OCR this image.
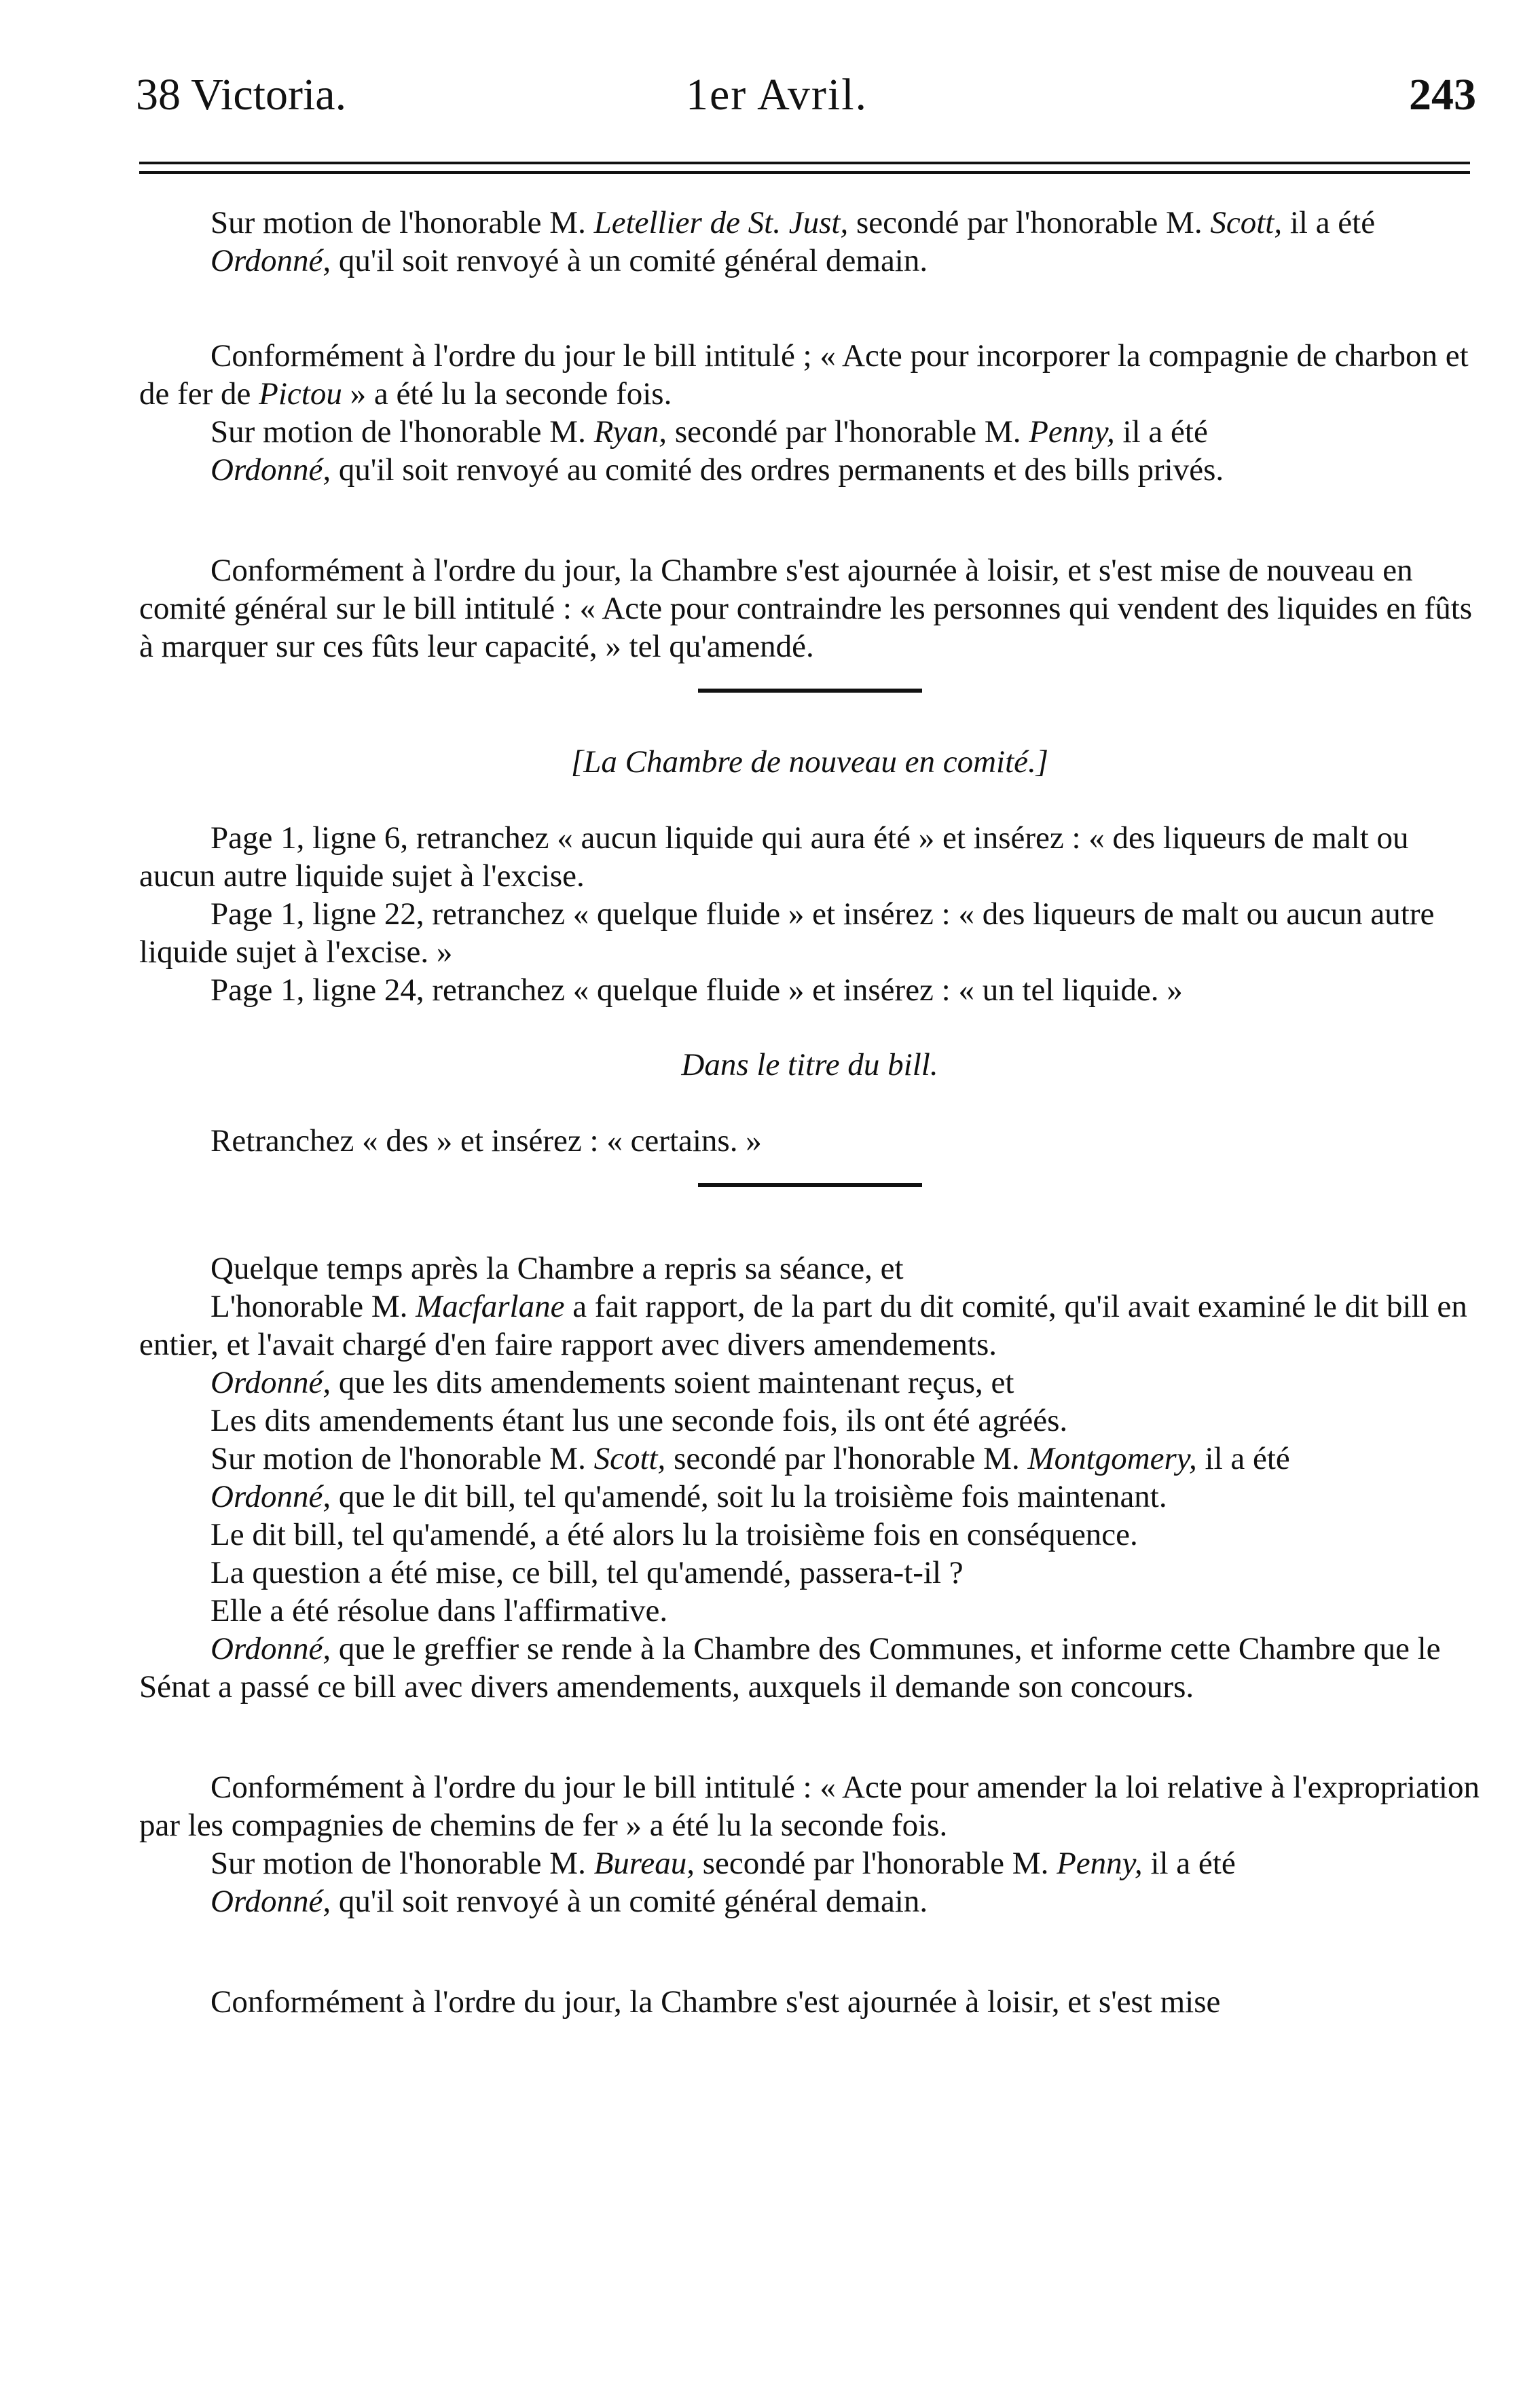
38 Victoria.	1er Avril.	243

Sur motion de l'honorable M. Letellier de St. Just, secondé par l'honorable M. Scott, il a été

Ordonné, qu'il soit renvoyé à un comité général demain.

Conformément à l'ordre du jour le bill intitulé ; « Acte pour incorporer la compagnie de charbon et de fer de Pictou » a été lu la seconde fois.

Sur motion de l'honorable M. Ryan, secondé par l'honorable M. Penny, il a été

Ordonné, qu'il soit renvoyé au comité des ordres permanents et des bills privés.

Conformément à l'ordre du jour, la Chambre s'est ajournée à loisir, et s'est mise de nouveau en comité général sur le bill intitulé : « Acte pour contraindre les personnes qui vendent des liquides en fûts à marquer sur ces fûts leur capacité, » tel qu'amendé.

[La Chambre de nouveau en comité.]

Page 1, ligne 6, retranchez « aucun liquide qui aura été » et insérez : « des liqueurs de malt ou aucun autre liquide sujet à l'excise.

Page 1, ligne 22, retranchez « quelque fluide » et insérez : « des liqueurs de malt ou aucun autre liquide sujet à l'excise. »

Page 1, ligne 24, retranchez « quelque fluide » et insérez : « un tel liquide. »

Dans le titre du bill.

Retranchez « des » et insérez : « certains. »

Quelque temps après la Chambre a repris sa séance, et

L'honorable M. Macfarlane a fait rapport, de la part du dit comité, qu'il avait examiné le dit bill en entier, et l'avait chargé d'en faire rapport avec divers amendements.

Ordonné, que les dits amendements soient maintenant reçus, et

Les dits amendements étant lus une seconde fois, ils ont été agréés.

Sur motion de l'honorable M. Scott, secondé par l'honorable M. Montgomery, il a été

Ordonné, que le dit bill, tel qu'amendé, soit lu la troisième fois maintenant.

Le dit bill, tel qu'amendé, a été alors lu la troisième fois en conséquence.

La question a été mise, ce bill, tel qu'amendé, passera-t-il ?

Elle a été résolue dans l'affirmative.

Ordonné, que le greffier se rende à la Chambre des Communes, et informe cette Chambre que le Sénat a passé ce bill avec divers amendements, auxquels il demande son concours.

Conformément à l'ordre du jour le bill intitulé : « Acte pour amender la loi relative à l'expropriation par les compagnies de chemins de fer » a été lu la seconde fois.

Sur motion de l'honorable M. Bureau, secondé par l'honorable M. Penny, il a été

Ordonné, qu'il soit renvoyé à un comité général demain.

Conformément à l'ordre du jour, la Chambre s'est ajournée à loisir, et s'est mise
